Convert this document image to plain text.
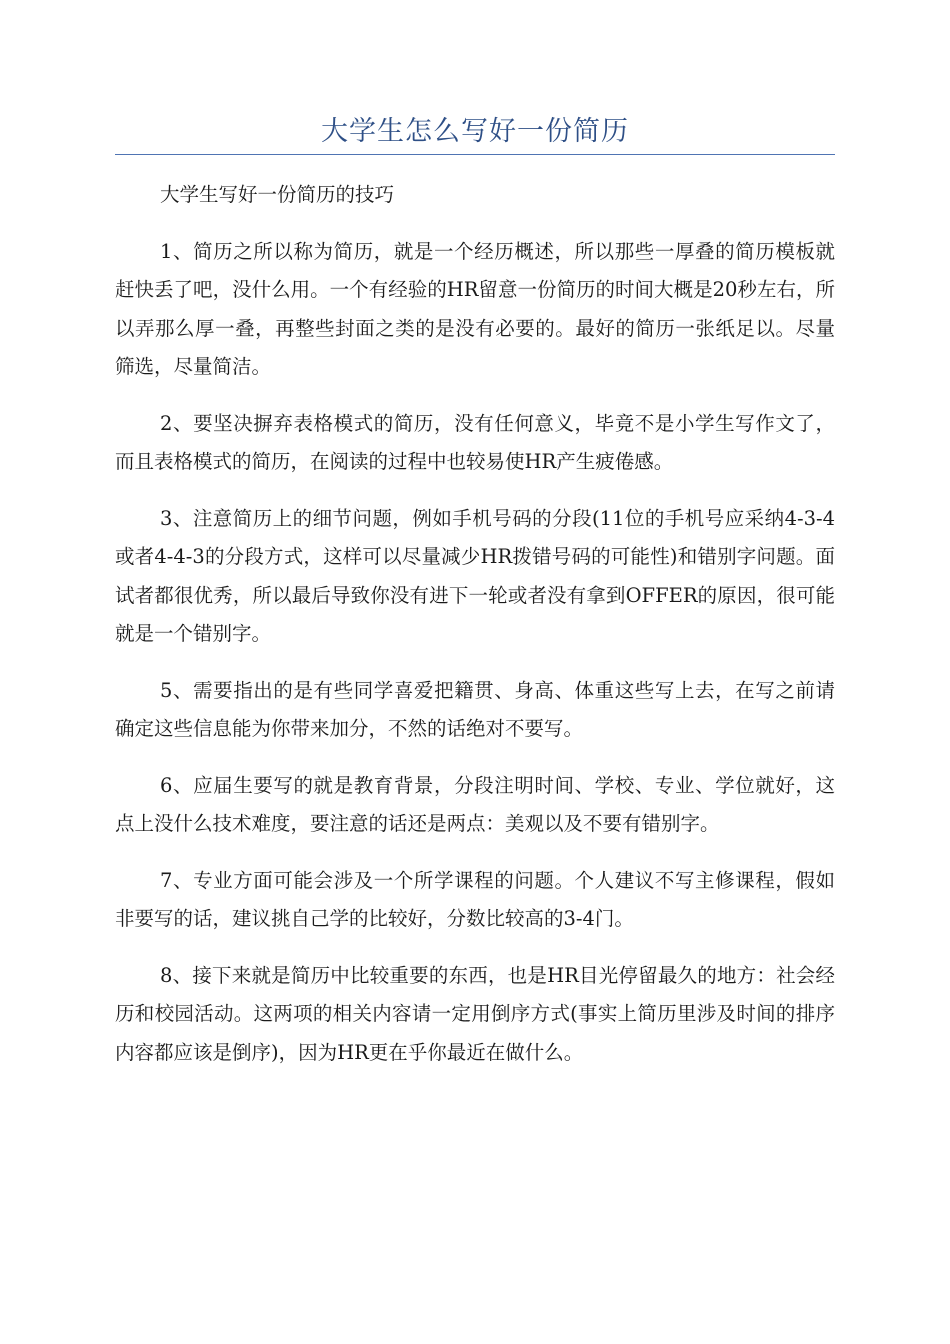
大学生怎么写好一份简历

大学生写好一份简历的技巧

1、简历之所以称为简历，就是一个经历概述，所以那些一厚叠的简历模板就赶快丢了吧，没什么用。一个有经验的HR留意一份简历的时间大概是20秒左右，所以弄那么厚一叠，再整些封面之类的是没有必要的。最好的简历一张纸足以。尽量筛选，尽量简洁。

2、要坚决摒弃表格模式的简历，没有任何意义，毕竟不是小学生写作文了，而且表格模式的简历，在阅读的过程中也较易使HR产生疲倦感。

3、注意简历上的细节问题，例如手机号码的分段(11位的手机号应采纳4-3-4或者4-4-3的分段方式，这样可以尽量减少HR拨错号码的可能性)和错别字问题。面试者都很优秀，所以最后导致你没有进下一轮或者没有拿到OFFER的原因，很可能就是一个错别字。

5、需要指出的是有些同学喜爱把籍贯、身高、体重这些写上去，在写之前请确定这些信息能为你带来加分，不然的话绝对不要写。

6、应届生要写的就是教育背景，分段注明时间、学校、专业、学位就好，这点上没什么技术难度，要注意的话还是两点：美观以及不要有错别字。

7、专业方面可能会涉及一个所学课程的问题。个人建议不写主修课程，假如非要写的话，建议挑自己学的比较好，分数比较高的3-4门。

8、接下来就是简历中比较重要的东西，也是HR目光停留最久的地方：社会经历和校园活动。这两项的相关内容请一定用倒序方式(事实上简历里涉及时间的排序内容都应该是倒序)，因为HR更在乎你最近在做什么。
